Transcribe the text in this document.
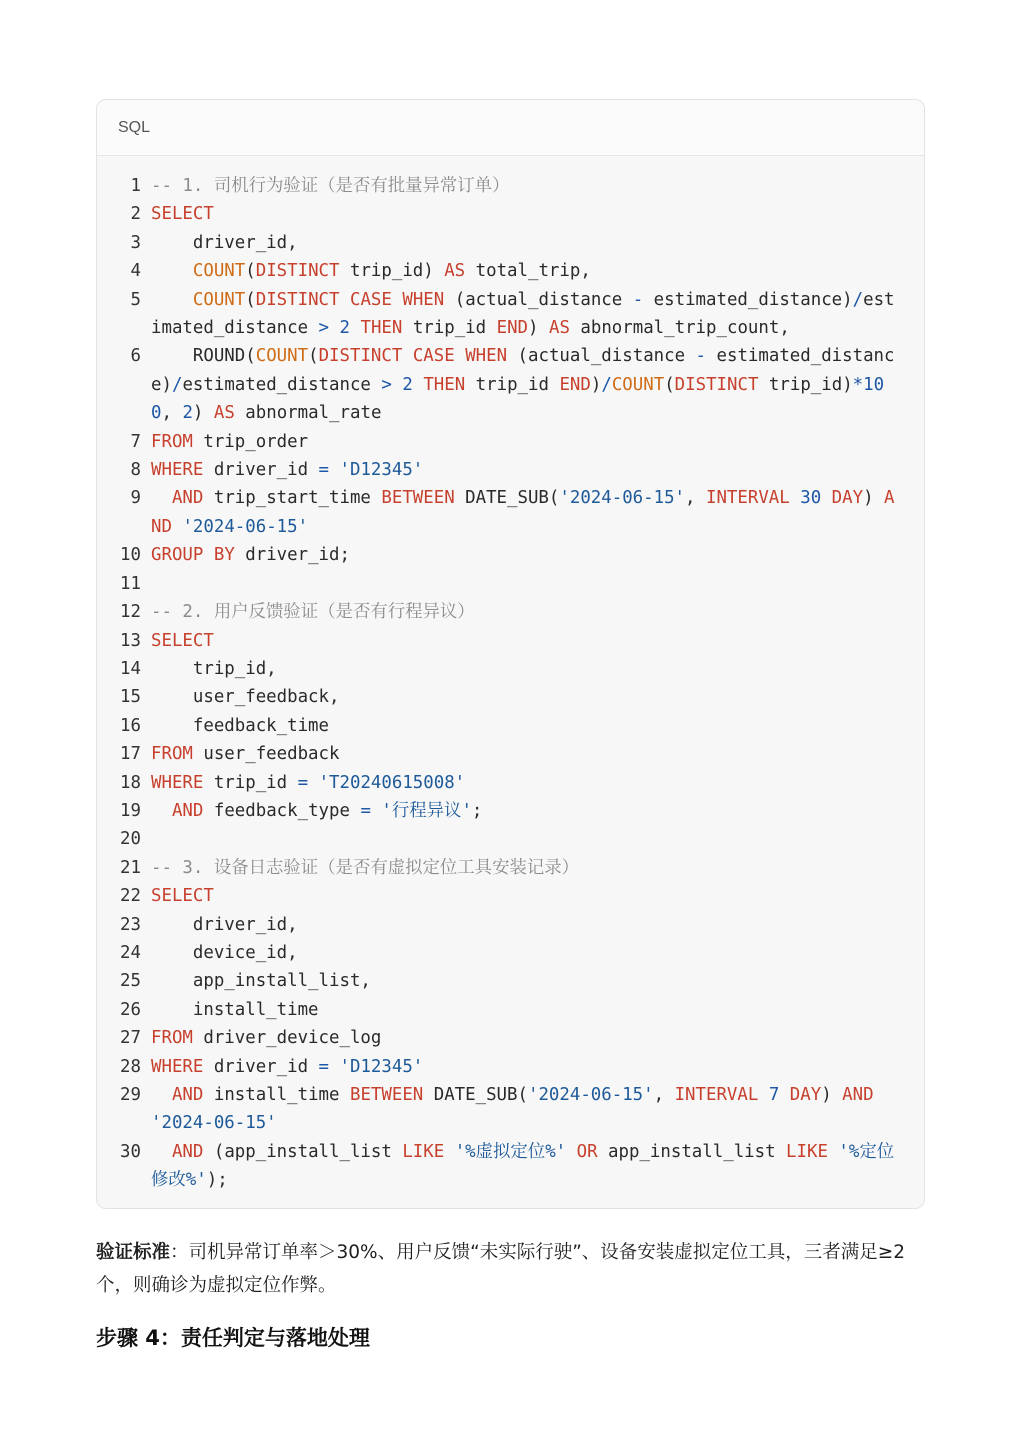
SQL
1 -- 1. 司机行为验证（是否有批量异常订单）
2 SELECT
3 driver_id,
4	COUNT(DISTINCT trip_id) AS total_trip,
5	COUNT(DISTINCT CASE WHEN (actual_distance - estimated_distance)/estimated_distance > 2 THEN trip_id END) AS abnormal_trip_count,
6 ROUND(COUNT(DISTINCT CASE WHEN (actual_distance - estimated_distance)/estimated_distance > 2 THEN trip_id END)/COUNT(DISTINCT trip_id)*100, 2) AS abnormal_rate
7 FROM trip_order
8 WHERE driver_id = 'D12345'
9	AND trip_start_time BETWEEN DATE_SUB('2024-06-15', INTERVAL 30 DAY) AND '2024-06-15'
10 GROUP BY driver_id;
11

12 -- 2. 用户反馈验证（是否有行程异议）
13 SELECT
14 trip_id,
15 user_feedback,
16 feedback_time
17 FROM user_feedback
18 WHERE trip_id = 'T20240615008'
19	AND feedback_type = '行程异议';
20

21 -- 3. 设备日志验证（是否有虚拟定位工具安装记录）
22 SELECT
23 driver_id,
24 device_id,
25 app_install_list,
26 install_time
27 FROM driver_device_log
28 WHERE driver_id = 'D12345'
29	AND install_time BETWEEN DATE_SUB('2024-06-15', INTERVAL 7 DAY) AND '2024-06-15'
30	AND (app_install_list LIKE '%虚拟定位%' OR app_install_list LIKE '%定位修改%');
验证标准：司机异常订单率＞30%、用户反馈“未实际行驶”、设备安装虚拟定位工具，三者满足≥2个，则确诊为虚拟定位作弊。
步骤 4：责任判定与落地处理
